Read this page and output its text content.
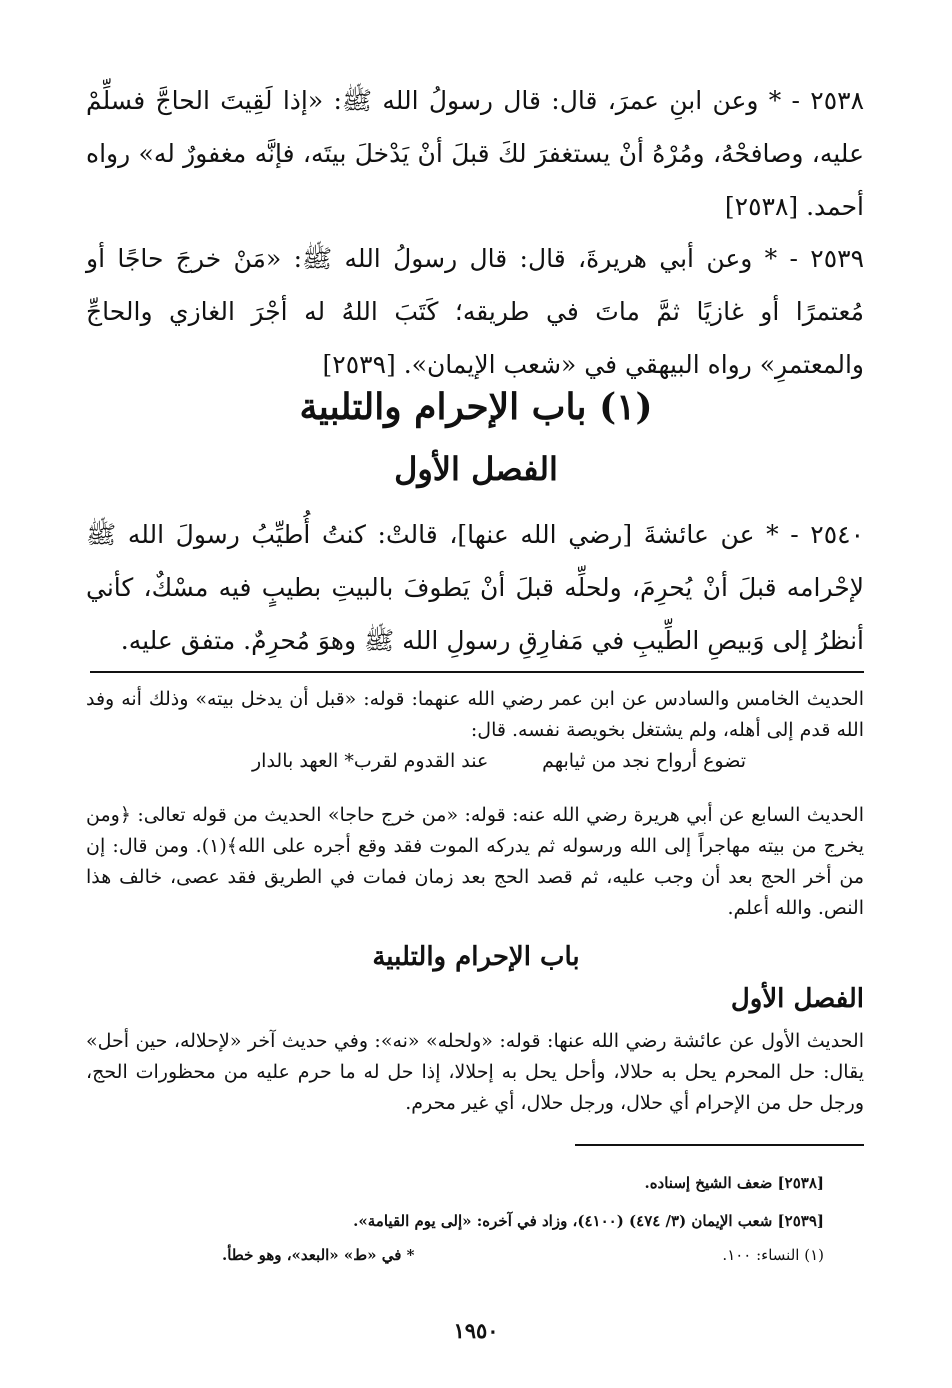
٢٥٣٨ - * وعن ابنِ عمرَ، قال: قال رسولُ الله ﷺ: «إذا لَقِيتَ الحاجَّ فسلِّمْ عليه، وصافحْهُ، ومُرْهُ أنْ يستغفرَ لكَ قبلَ أنْ يَدْخلَ بيتَه، فإنَّه مغفورٌ له» رواه أحمد. [٢٥٣٨]
٢٥٣٩ - * وعن أبي هريرةَ، قال: قال رسولُ الله ﷺ: «مَنْ خرجَ حاجًا أو مُعتمرًا أو غازيًا ثمَّ ماتَ في طريقه؛ كَتَبَ اللهُ له أجْرَ الغازي والحاجِّ والمعتمرِ» رواه البيهقي في «شعب الإيمان». [٢٥٣٩]
(١) باب الإحرام والتلبية
الفصل الأول
٢٥٤٠ - * عن عائشةَ [رضي الله عنها]، قالتْ: كنتُ أُطيِّبُ رسولَ الله ﷺ لإحْرامه قبلَ أنْ يُحرِمَ، ولحلِّه قبلَ أنْ يَطوفَ بالبيتِ بطيبٍ فيه مسْكٌ، كأني أنظرُ إلى وَبيصِ الطِّيبِ في مَفارِقِ رسولِ الله ﷺ وهوَ مُحرِمٌ. متفق عليه.
الحديث الخامس والسادس عن ابن عمر رضي الله عنهما: قوله: «قبل أن يدخل بيته» وذلك أنه وفد الله قدم إلى أهله، ولم يشتغل بخويصة نفسه. قال:
تضوع أرواح نجد من ثيابهم
عند القدوم لقرب* العهد بالدار
الحديث السابع عن أبي هريرة رضي الله عنه: قوله: «من خرج حاجا» الحديث من قوله تعالى: ﴿ومن يخرج من بيته مهاجراً إلى الله ورسوله ثم يدركه الموت فقد وقع أجره على الله﴾(١). ومن قال: إن من أخر الحج بعد أن وجب عليه، ثم قصد الحج بعد زمان فمات في الطريق فقد عصى، خالف هذا النص. والله أعلم.
باب الإحرام والتلبية
الفصل الأول
الحديث الأول عن عائشة رضي الله عنها: قوله: «ولحله» «نه»: وفي حديث آخر «لإحلاله، حين أحل» يقال: حل المحرم يحل به حلالا، وأحل يحل به إحلالا، إذا حل له ما حرم عليه من محظورات الحج، ورجل حل من الإحرام أي حلال، ورجل حلال، أي غير محرم.
[٢٥٣٨] ضعف الشيخ إسناده.
[٢٥٣٩] شعب الإيمان (٣/ ٤٧٤) (٤١٠٠)، وزاد في آخره: «إلى يوم القيامة».
(١) النساء: ١٠٠.
* في «ط» «البعد»، وهو خطأ.
١٩٥٠
